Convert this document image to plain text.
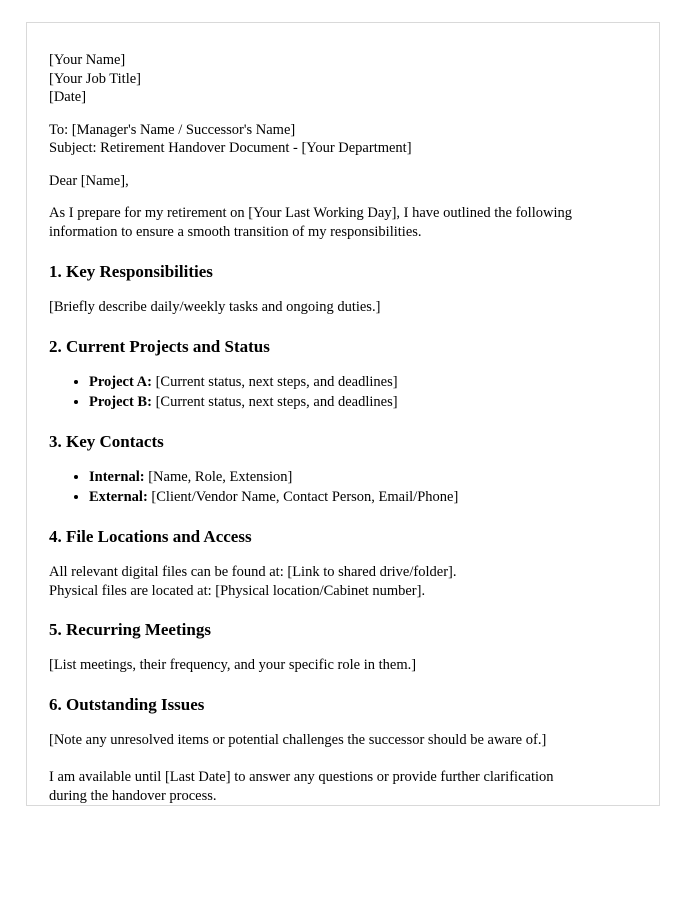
[Your Name]
[Your Job Title]
[Date]
To: [Manager's Name / Successor's Name]
Subject: Retirement Handover Document - [Your Department]
Dear [Name],

As I prepare for my retirement on [Your Last Working Day], I have outlined the following information to ensure a smooth transition of my responsibilities.

1. Key Responsibilities

[Briefly describe daily/weekly tasks and ongoing duties.]

2. Current Projects and Status
• Project A: [Current status, next steps, and deadlines]
• Project B: [Current status, next steps, and deadlines]
3. Key Contacts
• Internal: [Name, Role, Extension]
• External: [Client/Vendor Name, Contact Person, Email/Phone]
4. File Locations and Access
All relevant digital files can be found at: [Link to shared drive/folder].
Physical files are located at: [Physical location/Cabinet number].
5. Recurring Meetings

[List meetings, their frequency, and your specific role in them.]

6. Outstanding Issues

[Note any unresolved items or potential challenges the successor should be aware of.]

I am available until [Last Date] to answer any questions or provide further clarification
during the handover process.
